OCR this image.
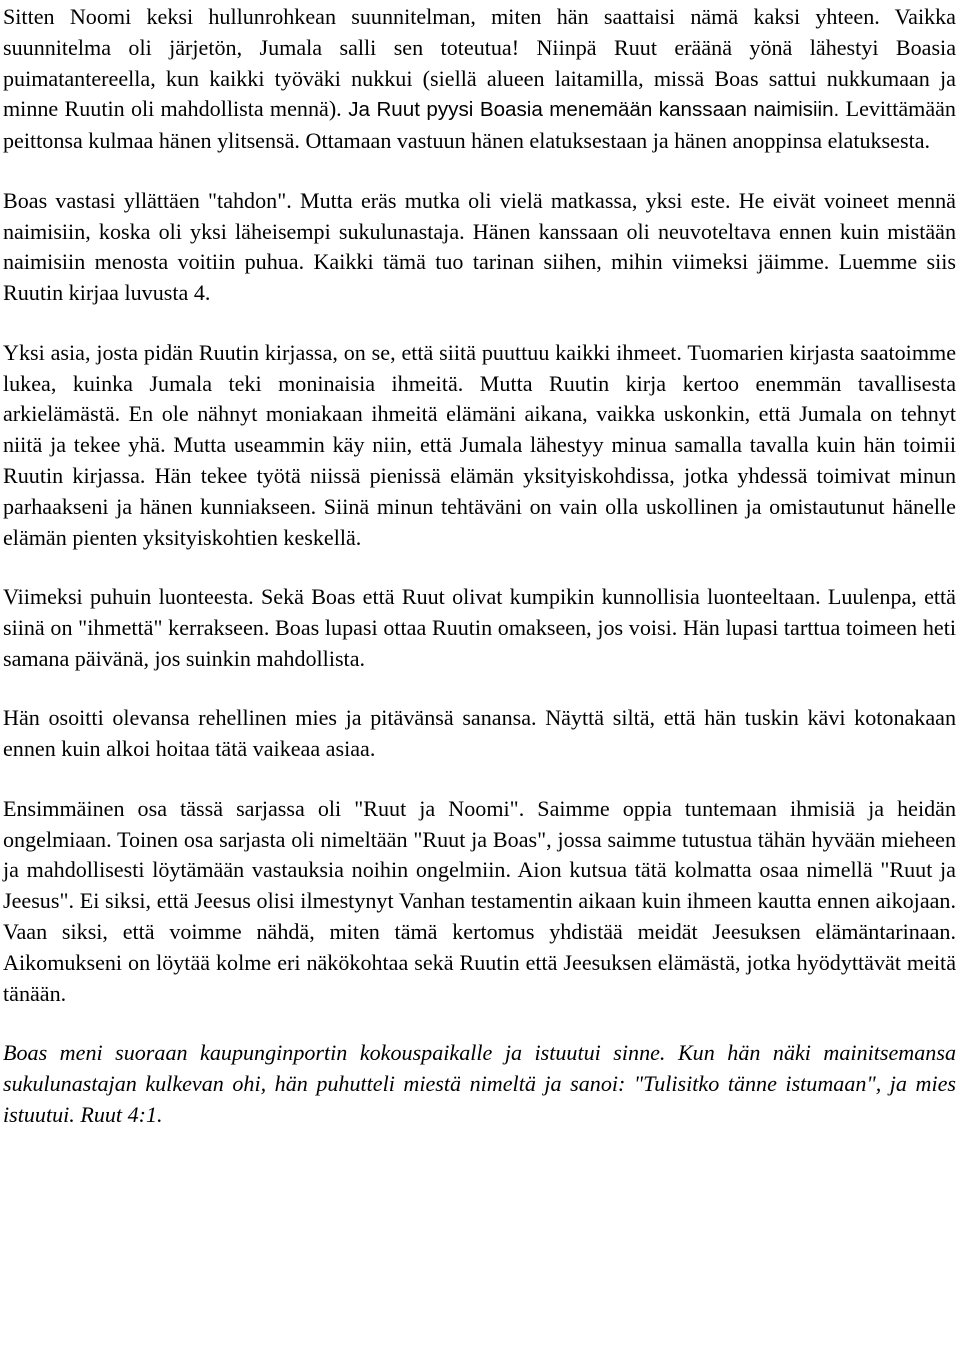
Sitten Noomi keksi hullunrohkean suunnitelman, miten hän saattaisi nämä kaksi yhteen. Vaikka suunnitelma oli järjetön, Jumala salli sen toteutua! Niinpä Ruut eräänä yönä lähestyi Boasia puimatantereella, kun kaikki työväki nukkui (siellä alueen laitamilla, missä Boas sattui nukkumaan ja minne Ruutin oli mahdollista mennä). Ja Ruut pyysi Boasia menemään kanssaan naimisiin. Levittämään peittonsa kulmaa hänen ylitsensä. Ottamaan vastuun hänen elatuksestaan ja hänen anoppinsa elatuksesta.

Boas vastasi yllättäen "tahdon". Mutta eräs mutka oli vielä matkassa, yksi este. He eivät voineet mennä naimisiin, koska oli yksi läheisempi sukulunastaja. Hänen kanssaan oli neuvoteltava ennen kuin mistään naimisiin menosta voitiin puhua. Kaikki tämä tuo tarinan siihen, mihin viimeksi jäimme. Luemme siis Ruutin kirjaa luvusta 4.

Yksi asia, josta pidän Ruutin kirjassa, on se, että siitä puuttuu kaikki ihmeet. Tuomarien kirjasta saatoimme lukea, kuinka Jumala teki moninaisia ihmeitä. Mutta Ruutin kirja kertoo enemmän tavallisesta arkielämästä. En ole nähnyt moniakaan ihmeitä elämäni aikana, vaikka uskonkin, että Jumala on tehnyt niitä ja tekee yhä. Mutta useammin käy niin, että Jumala lähestyy minua samalla tavalla kuin hän toimii Ruutin kirjassa. Hän tekee työtä niissä pienissä elämän yksityiskohdissa, jotka yhdessä toimivat minun parhaakseni ja hänen kunniakseen. Siinä minun tehtäväni on vain olla uskollinen ja omistautunut hänelle elämän pienten yksityiskohtien keskellä.

Viimeksi puhuin luonteesta. Sekä Boas että Ruut olivat kumpikin kunnollisia luonteeltaan. Luulenpa, että siinä on "ihmettä" kerrakseen. Boas lupasi ottaa Ruutin omakseen, jos voisi. Hän lupasi tarttua toimeen heti samana päivänä, jos suinkin mahdollista.

Hän osoitti olevansa rehellinen mies ja pitävänsä sanansa. Näyttä siltä, että hän tuskin kävi kotonakaan ennen kuin alkoi hoitaa tätä vaikeaa asiaa.

Ensimmäinen osa tässä sarjassa oli "Ruut ja Noomi". Saimme oppia tuntemaan ihmisiä ja heidän ongelmiaan. Toinen osa sarjasta oli nimeltään "Ruut ja Boas", jossa saimme tutustua tähän hyvään mieheen ja mahdollisesti löytämään vastauksia noihin ongelmiin. Aion kutsua tätä kolmatta osaa nimellä "Ruut ja Jeesus". Ei siksi, että Jeesus olisi ilmestynyt Vanhan testamentin aikaan kuin ihmeen kautta ennen aikojaan. Vaan siksi, että voimme nähdä, miten tämä kertomus yhdistää meidät Jeesuksen elämäntarinaan. Aikomukseni on löytää kolme eri näkökohtaa sekä Ruutin että Jeesuksen elämästä, jotka hyödyttävät meitä tänään.

Boas meni suoraan kaupunginportin kokouspaikalle ja istuutui sinne. Kun hän näki mainitsemansa sukulunastajan kulkevan ohi, hän puhutteli miestä nimeltä ja sanoi: "Tulisitko tänne istumaan", ja mies istuutui. Ruut 4:1.
